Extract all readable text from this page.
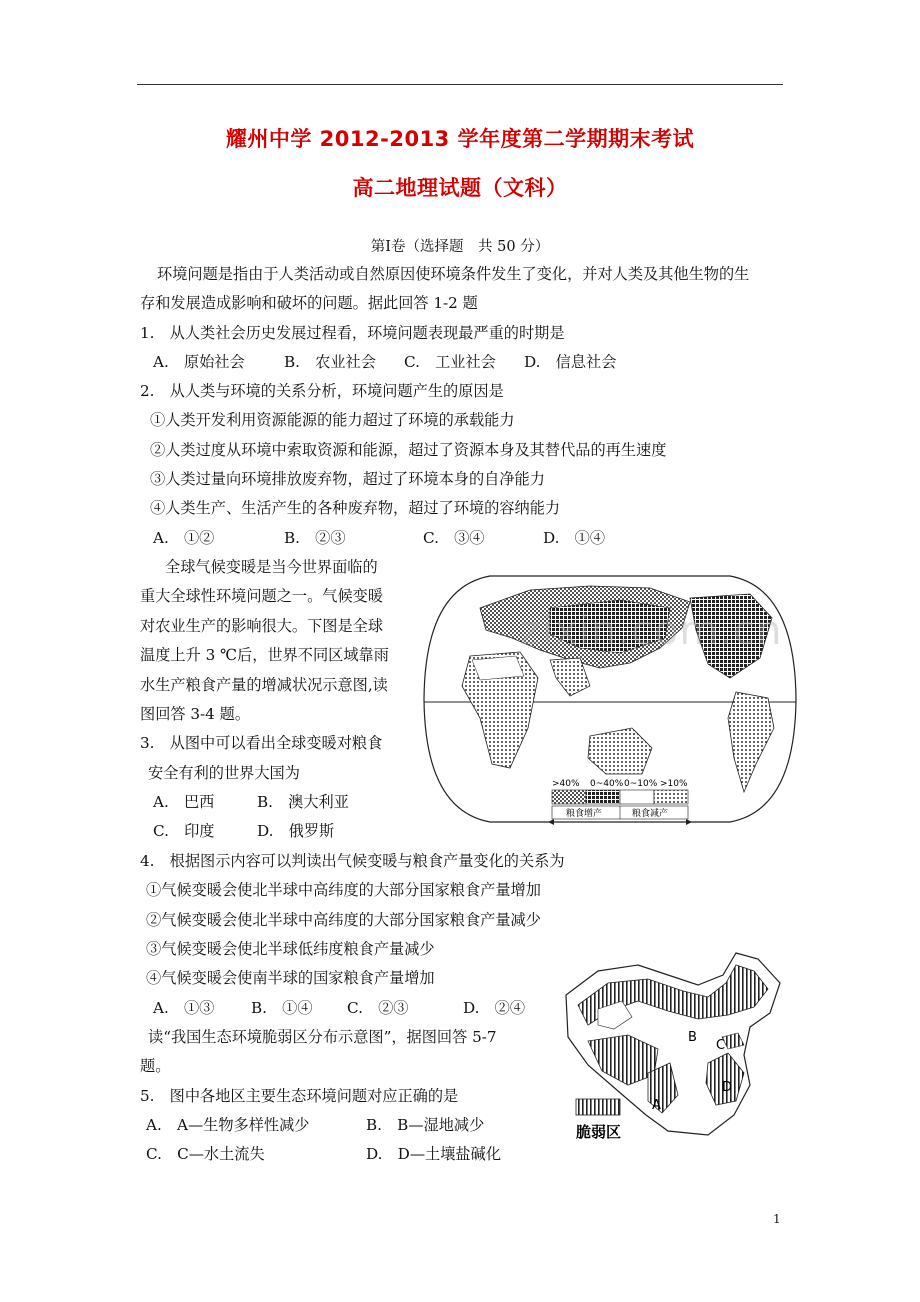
耀州中学 2012-2013 学年度第二学期期末考试
高二地理试题（文科）
第Ⅰ卷（选择题　共 50 分）
环境问题是指由于人类活动或自然原因使环境条件发生了变化，并对人类及其他生物的生
存和发展造成影响和破坏的问题。据此回答 1-2 题
1.　从人类社会历史发展过程看，环境问题表现最严重的时期是
A.　原始社会	B.　农业社会 C.　工业社会 D.　信息社会
2.　从人类与环境的关系分析，环境问题产生的原因是
①人类开发利用资源能源的能力超过了环境的承载能力
②人类过度从环境中索取资源和能源，超过了资源本身及其替代品的再生速度
③人类过量向环境排放废弃物，超过了环境本身的自净能力
④人类生产、生活产生的各种废弃物，超过了环境的容纳能力
A.　①②	B.　②③	C.　③④	D.　①④
全球气候变暖是当今世界面临的
重大全球性环境问题之一。气候变暖
对农业生产的影响很大。下图是全球
温度上升 3 ℃后，世界不同区域靠雨
水生产粮食产量的增减状况示意图,读
图回答 3-4 题。
3.　从图中可以看出全球变暖对粮食
安全有利的世界大国为
A.　巴西	B.　澳大利亚
C.　印度	D.　俄罗斯
4.　根据图示内容可以判读出气候变暖与粮食产量变化的关系为
①气候变暖会使北半球中高纬度的大部分国家粮食产量增加
②气候变暖会使北半球中高纬度的大部分国家粮食产量减少
③气候变暖会使北半球低纬度粮食产量减少
④气候变暖会使南半球的国家粮食产量增加
A.　①③ B.　①④ C.　②③	D.　②④
读“我国生态环境脆弱区分布示意图”，据图回答 5-7
题。
5.　图中各地区主要生态环境问题对应正确的是
A.　A—生物多样性减少	B.　B—湿地减少
C.　C—水土流失	D.　D—土壤盐碱化
>40% 0~40% 0~10% >10%
粮食增产	粮食减产
zixin.com.cn
A
B
C
D
脆弱区
1
